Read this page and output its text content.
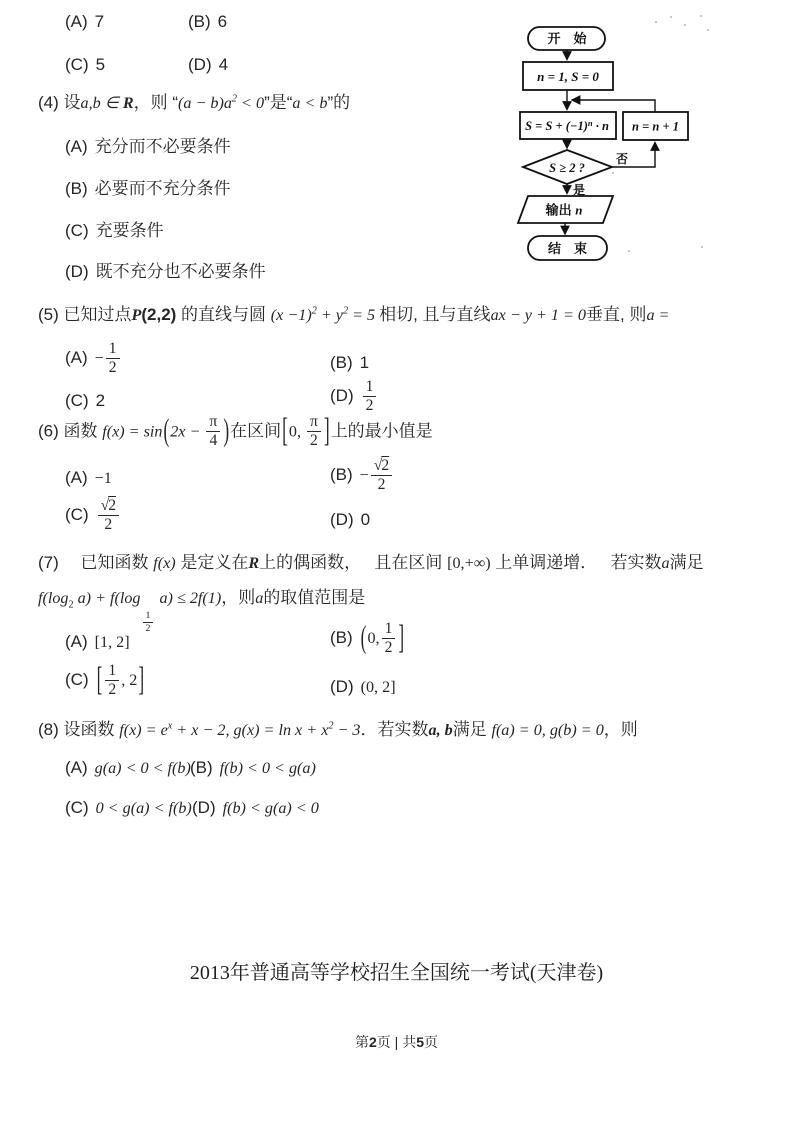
(A) 7	(B) 6
(C) 5	(D) 4
开　始
n = 1, S = 0
$S = S + (-1)^n \cdot n$ n = n + 1
S ≥ 2 ?
否
是
输出 n
结　束
(4) 设a,b ∈ R，则 “$(a - b)a^2 < 0$”是“a < b”的
(A) 充分而不必要条件
(B) 必要而不充分条件
(C) 充要条件
(D) 既不充分也不必要条件
(5) 已知过点P(2,2) 的直线与圆 $(x -1)^2 + y^2 = 5$ 相切, 且与直线ax − y + 1 = 0垂直, 则a =
$(A) - \frac{1}{2}$	(B) 1
(C) 2	$(D) \frac{1}{2}$
(6) 函数 $f(x) = \sin(2x - \frac{\pi}{4}$ )在区间[0, $\frac{\pi}{2}$ ]上的最小值是
(A) −1	$(B) - \frac{√2}{2}$
$(C) \frac{√2}{2}$	(D) 0
(7)　 已知函数 f(x) 是定义在R上的偶函数，　 且在区间 [0,+∞) 上单调递增．　 若实数a满足
$f(\log_2$ a) + f(log
$\frac{1}{2}$
a) ≤ 2f(1)，则a的取值范围是
(A) [1, 2]	(B) (0, $\frac{1}{2}$ ]
(C) [ $\frac{1}{2}$ , 2]	(D) (0, 2]
(8) 设函数 $f(x) = e^x + x - 2$, $g(x) = \ln x + x^2 - 3$．若实数a, b满足 f(a) = 0, g(b) = 0，则
(A) g(a) < 0 < f(b) (B) f(b) < 0 < g(a)
(C) 0 < g(a) < f(b) (D) f(b) < g(a) < 0
2013年普通高等学校招生全国统一考试(天津卷)
第2页 | 共5页
